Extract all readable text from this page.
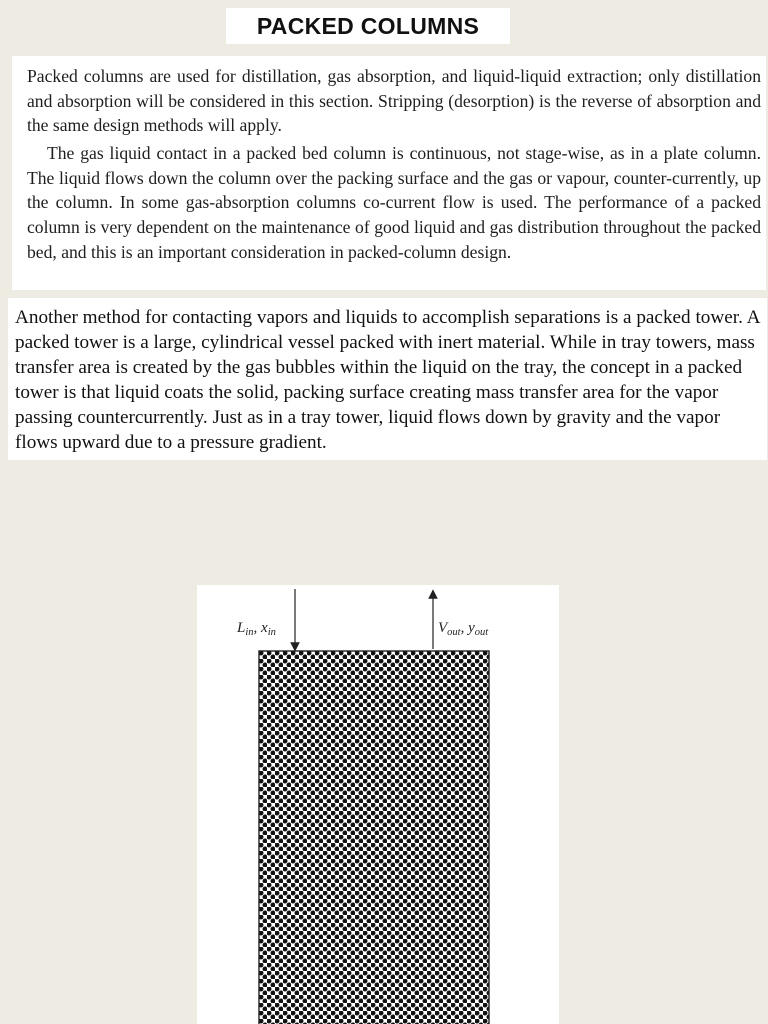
PACKED COLUMNS

Packed columns are used for distillation, gas absorption, and liquid-liquid extraction; only distillation and absorption will be considered in this section. Stripping (desorption) is the reverse of absorption and the same design methods will apply.

The gas liquid contact in a packed bed column is continuous, not stage-wise, as in a plate column. The liquid flows down the column over the packing surface and the gas or vapour, counter-currently, up the column. In some gas-absorption columns co-current flow is used. The performance of a packed column is very dependent on the maintenance of good liquid and gas distribution throughout the packed bed, and this is an important consideration in packed-column design.

Another method for contacting vapors and liquids to accomplish separations is a packed tower. A packed tower is a large, cylindrical vessel packed with inert material. While in tray towers, mass transfer area is created by the gas bubbles within the liquid on the tray, the concept in a packed tower is that liquid coats the solid, packing surface creating mass transfer area for the vapor passing countercurrently. Just as in a tray tower, liquid flows down by gravity and the vapor flows upward due to a pressure gradient.

$L_{in}$, $x_{in}$	$V_{out}$, $y_{out}$
